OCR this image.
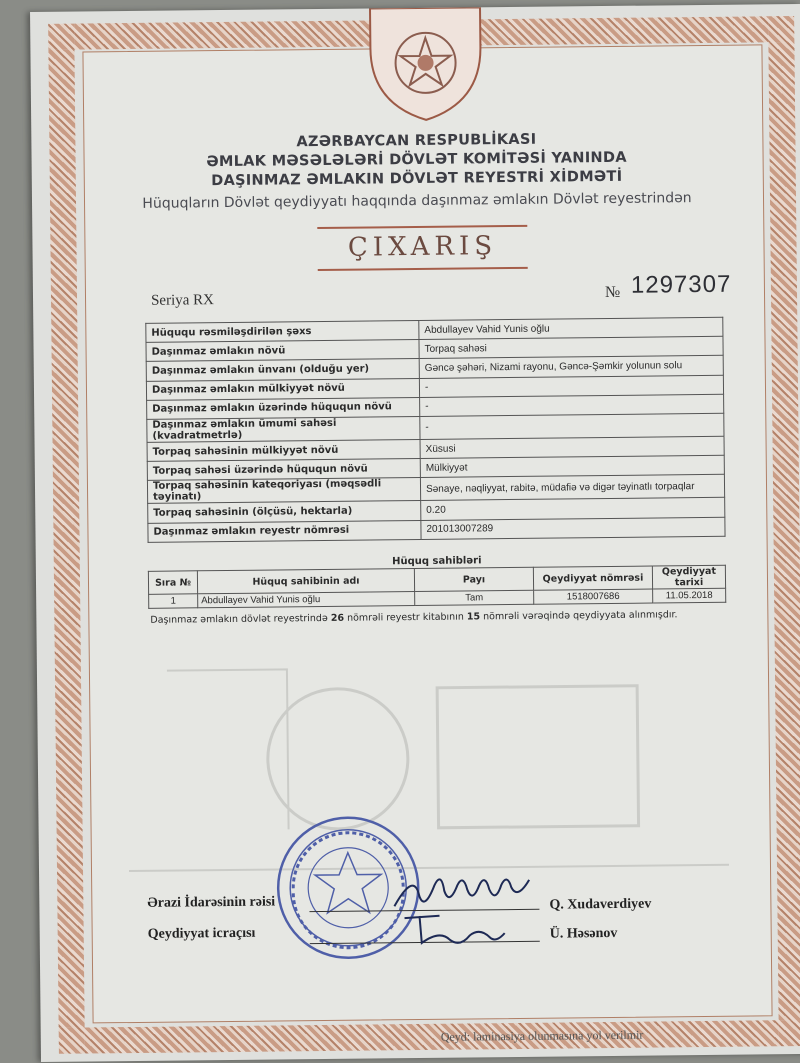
AZƏRBAYCAN RESPUBLİKASI
ƏMLAK MƏSƏLƏLƏRİ DÖVLƏT KOMİTƏSİ YANINDA
DAŞINMAZ ƏMLAKIN DÖVLƏT REYESTRİ XİDMƏTİ
Hüquqların Dövlət qeydiyyatı haqqında daşınmaz əmlakın Dövlət reyestrindən
ÇIXARIŞ
Seriya RX	№ 1297307
Hüququ rəsmiləşdirilən şəxs	Abdullayev Vahid Yunis oğlu
Daşınmaz əmlakın növü	Torpaq sahəsi
Daşınmaz əmlakın ünvanı (olduğu yer)	Gəncə şəhəri, Nizami rayonu, Gəncə-Şəmkir yolunun solu
Daşınmaz əmlakın mülkiyyət növü	-
Daşınmaz əmlakın üzərində hüququn növü	-
Daşınmaz əmlakın ümumi sahəsi (kvadratmetrlə)	-
Torpaq sahəsinin mülkiyyət növü	Xüsusi
Torpaq sahəsi üzərində hüququn növü	Mülkiyyət
Torpaq sahəsinin kateqoriyası (məqsədli təyinatı)	Sənaye, nəqliyyat, rabitə, müdafiə və digər təyinatlı torpaqlar
Torpaq sahəsinin (ölçüsü, hektarla)	0.20
Daşınmaz əmlakın reyestr nömrəsi	201013007289
Hüquq sahibləri
Sıra №	Hüquq sahibinin adı	Payı	Qeydiyyat nömrəsi	Qeydiyyat tarixi
1	Abdullayev Vahid Yunis oğlu	Tam	1518007686	11.05.2018
Daşınmaz əmlakın dövlət reyestrində 26 nömrəli reyestr kitabının 15 nömrəli vərəqində qeydiyyata alınmışdır.
Ərazi İdarəsinin rəisi	Q. Xudaverdiyev
Qeydiyyat icraçısı	Ü. Həsənov
Qeyd: laminasiya olunmasına yol verilmir
